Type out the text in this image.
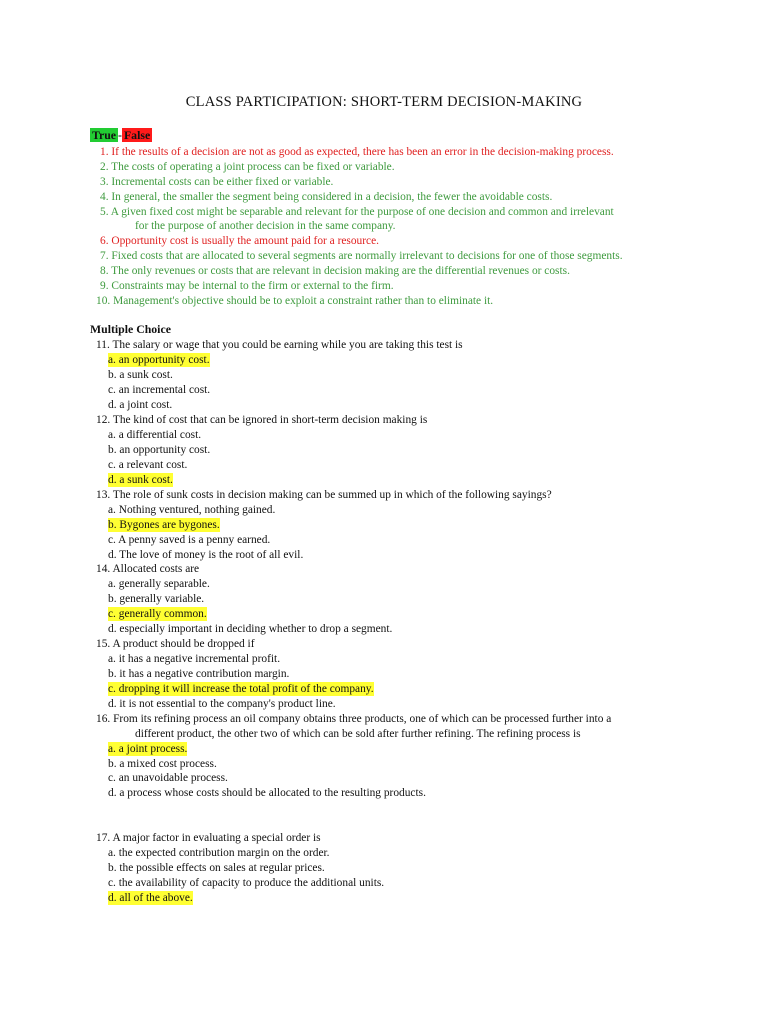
CLASS PARTICIPATION: SHORT-TERM DECISION-MAKING
True - False
1. If the results of a decision are not as good as expected, there has been an error in the decision-making process.
2. The costs of operating a joint process can be fixed or variable.
3. Incremental costs can be either fixed or variable.
4. In general, the smaller the segment being considered in a decision, the fewer the avoidable costs.
5. A given fixed cost might be separable and relevant for the purpose of one decision and common and irrelevant
for the purpose of another decision in the same company.
6. Opportunity cost is usually the amount paid for a resource.
7. Fixed costs that are allocated to several segments are normally irrelevant to decisions for one of those segments.
8. The only revenues or costs that are relevant in decision making are the differential revenues or costs.
9. Constraints may be internal to the firm or external to the firm.
10. Management's objective should be to exploit a constraint rather than to eliminate it.
Multiple Choice
11. The salary or wage that you could be earning while you are taking this test is
a. an opportunity cost.
b. a sunk cost.
c. an incremental cost.
d. a joint cost.
12. The kind of cost that can be ignored in short-term decision making is
a. a differential cost.
b. an opportunity cost.
c. a relevant cost.
d. a sunk cost.
13. The role of sunk costs in decision making can be summed up in which of the following sayings?
a. Nothing ventured, nothing gained.
b. Bygones are bygones.
c. A penny saved is a penny earned.
d. The love of money is the root of all evil.
14. Allocated costs are
a. generally separable.
b. generally variable.
c. generally common.
d. especially important in deciding whether to drop a segment.
15. A product should be dropped if
a. it has a negative incremental profit.
b. it has a negative contribution margin.
c. dropping it will increase the total profit of the company.
d. it is not essential to the company's product line.
16. From its refining process an oil company obtains three products, one of which can be processed further into a
different product, the other two of which can be sold after further refining. The refining process is
a. a joint process.
b. a mixed cost process.
c. an unavoidable process.
d. a process whose costs should be allocated to the resulting products.
17. A major factor in evaluating a special order is
a. the expected contribution margin on the order.
b. the possible effects on sales at regular prices.
c. the availability of capacity to produce the additional units.
d. all of the above.
